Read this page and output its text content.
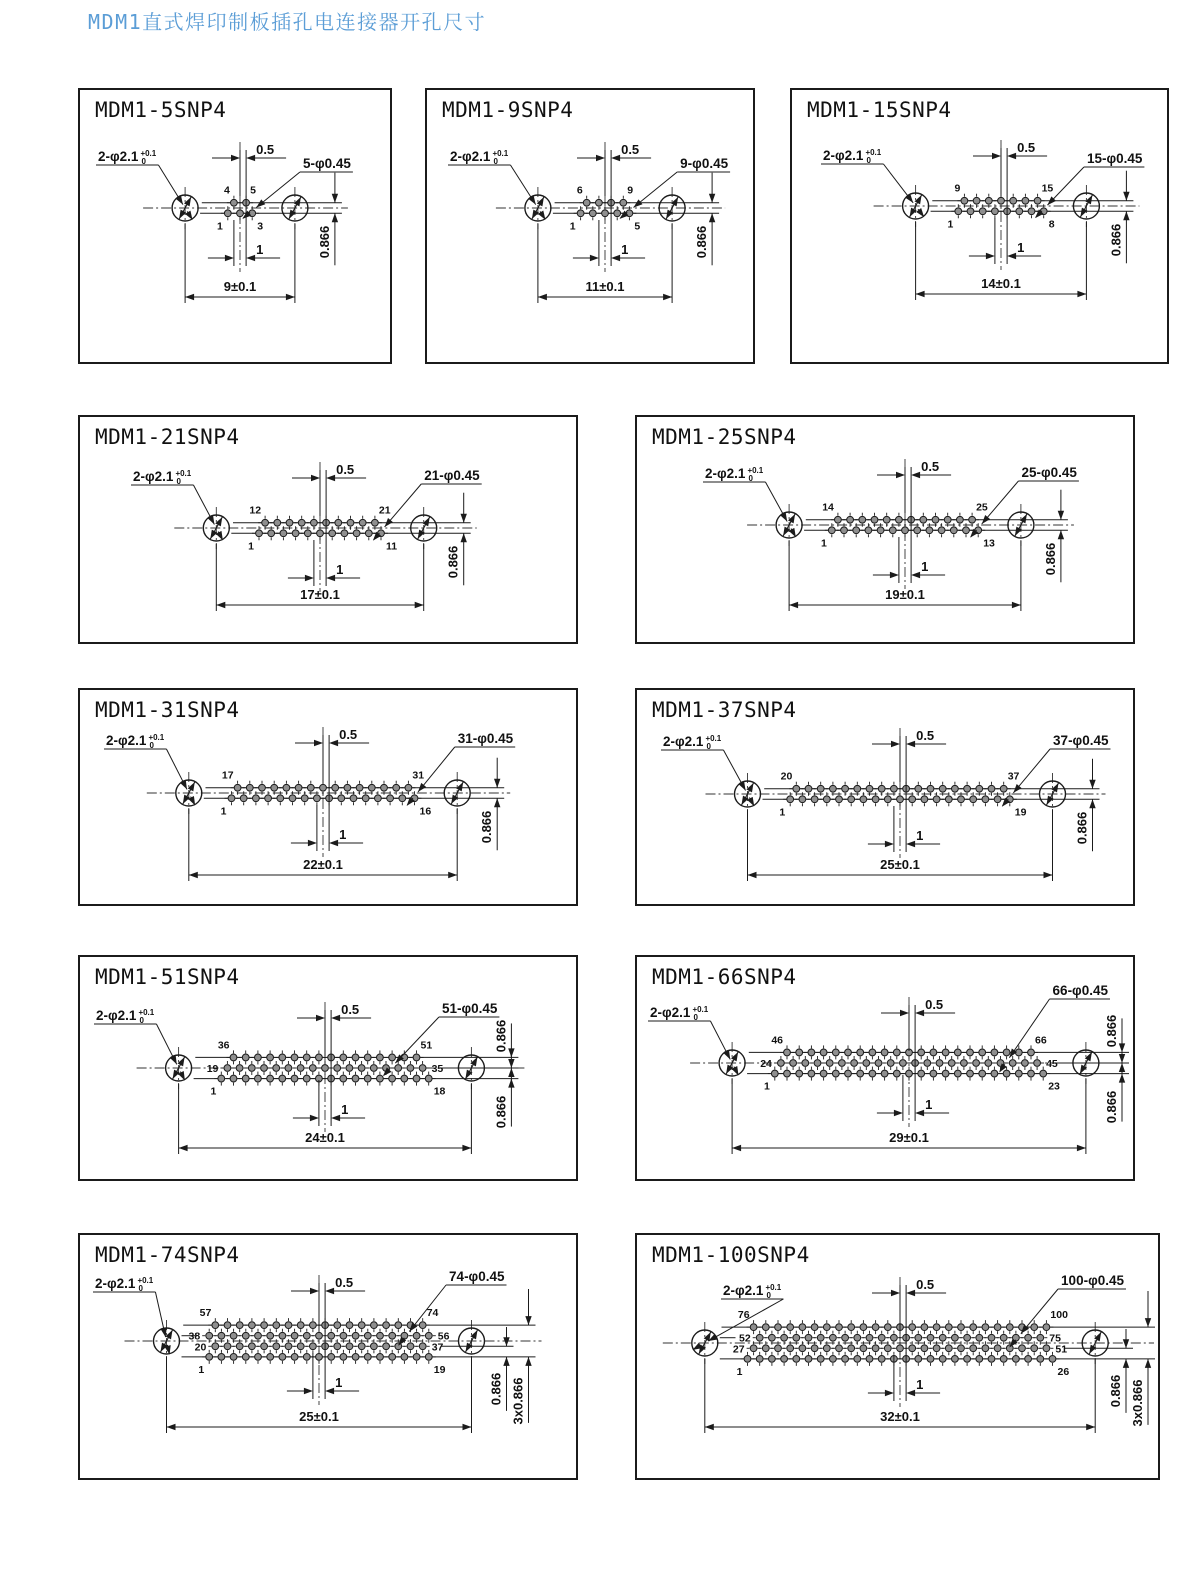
MDM1直式焊印制板插孔电连接器开孔尺寸
MDM1-5SNP4
0.5
1	0.866
9±0.1
2-φ2.1 +0.1
0	5-φ0.45
4 5
1	3
MDM1-9SNP4
0.5
1	0.866
11±0.1
2-φ2.1 +0.1
0	9-φ0.45
6	9
1	5
MDM1-15SNP4
0.5
1	0.866
14±0.1
2-φ2.1 +0.1
0	15-φ0.45
9	15
1	8
MDM1-21SNP4
0.5
1	0.866
17±0.1
2-φ2.1 +0.1
0	21-φ0.45
12	21
1	11
MDM1-25SNP4
0.5
1	0.866
19±0.1
2-φ2.1 +0.1
0	25-φ0.45
14	25
1	13
MDM1-31SNP4
0.5
1	0.866
22±0.1
2-φ2.1 +0.1
0	31-φ0.45
17	31
1	16
MDM1-37SNP4
0.5
1	0.866
25±0.1
2-φ2.1 +0.1
0	37-φ0.45
20	37
1	19
MDM1-51SNP4
0.5
1
0.866
0.866
24±0.1
2-φ2.1 +0.1
0
51-φ0.45
36	51
19	35
1	18
MDM1-66SNP4
0.5
1
0.866
0.866
29±0.1
2-φ2.1 +0.1
0
66-φ0.45
46	66
24	45
1	23
MDM1-74SNP4
0.5
1	0.866 3x0.866
25±0.1
2-φ2.1 +0.1
0
74-φ0.45
57	74
38	56
20	37
1	19
MDM1-100SNP4
0.5
1	0.866 3x0.866
32±0.1
2-φ2.1 +0.1
0
100-φ0.45
76	100
52	75
27	51
1	26
